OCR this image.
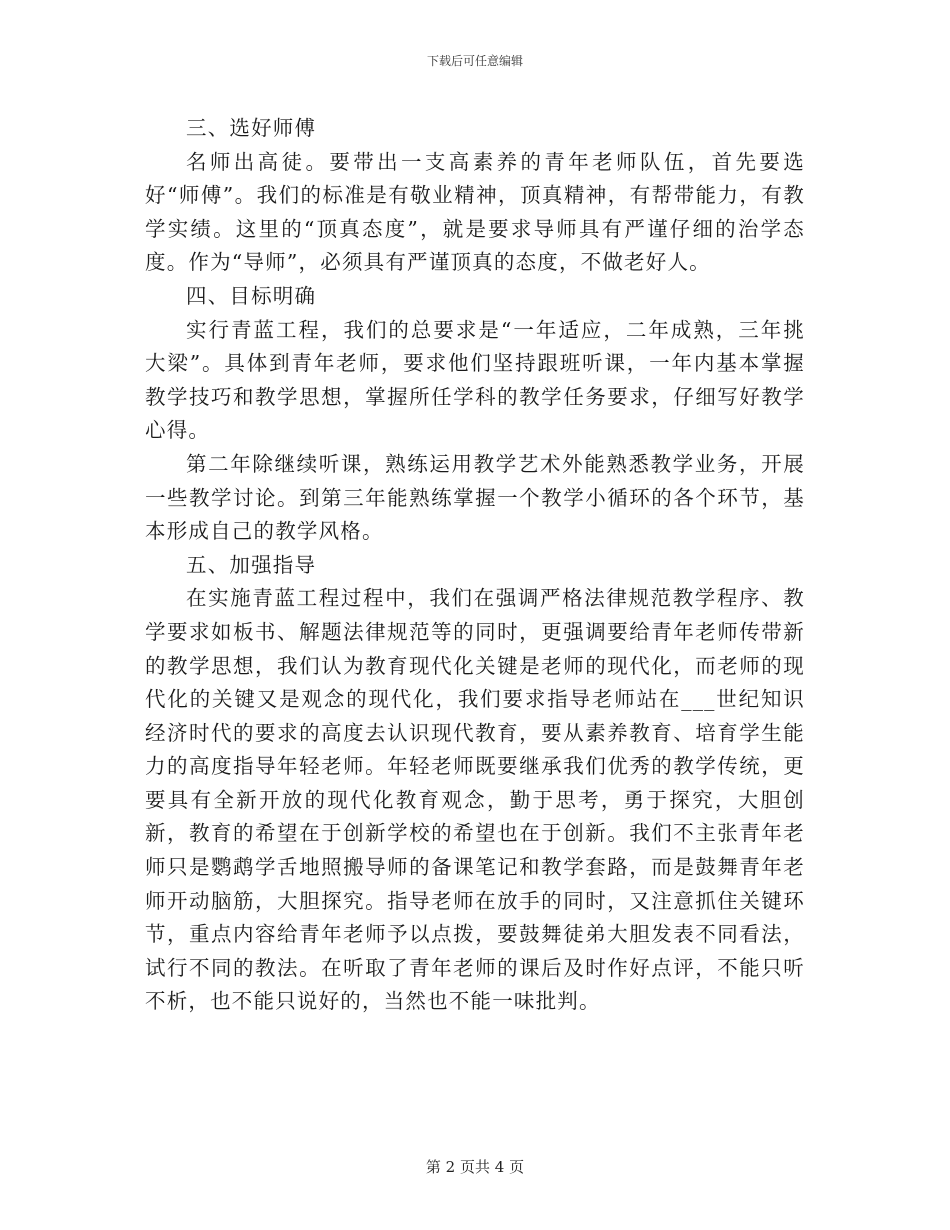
下载后可任意编辑

三、选好师傅

名师出高徒。要带出一支高素养的青年老师队伍，首先要选好“师傅”。我们的标准是有敬业精神，顶真精神，有帮带能力，有教学实绩。这里的“顶真态度”，就是要求导师具有严谨仔细的治学态度。作为“导师”，必须具有严谨顶真的态度，不做老好人。

四、目标明确

实行青蓝工程，我们的总要求是“一年适应，二年成熟，三年挑大梁”。具体到青年老师，要求他们坚持跟班听课，一年内基本掌握教学技巧和教学思想，掌握所任学科的教学任务要求，仔细写好教学心得。

第二年除继续听课，熟练运用教学艺术外能熟悉教学业务，开展一些教学讨论。到第三年能熟练掌握一个教学小循环的各个环节，基本形成自己的教学风格。

五、加强指导

在实施青蓝工程过程中，我们在强调严格法律规范教学程序、教学要求如板书、解题法律规范等的同时，更强调要给青年老师传带新的教学思想，我们认为教育现代化关键是老师的现代化，而老师的现代化的关键又是观念的现代化，我们要求指导老师站在___世纪知识经济时代的要求的高度去认识现代教育，要从素养教育、培育学生能力的高度指导年轻老师。年轻老师既要继承我们优秀的教学传统，更要具有全新开放的现代化教育观念，勤于思考，勇于探究，大胆创新，教育的希望在于创新学校的希望也在于创新。我们不主张青年老师只是鹦鹉学舌地照搬导师的备课笔记和教学套路，而是鼓舞青年老师开动脑筋，大胆探究。指导老师在放手的同时，又注意抓住关键环节，重点内容给青年老师予以点拨，要鼓舞徒弟大胆发表不同看法，试行不同的教法。在听取了青年老师的课后及时作好点评，不能只听不析，也不能只说好的，当然也不能一味批判。

第 2 页共 4 页
